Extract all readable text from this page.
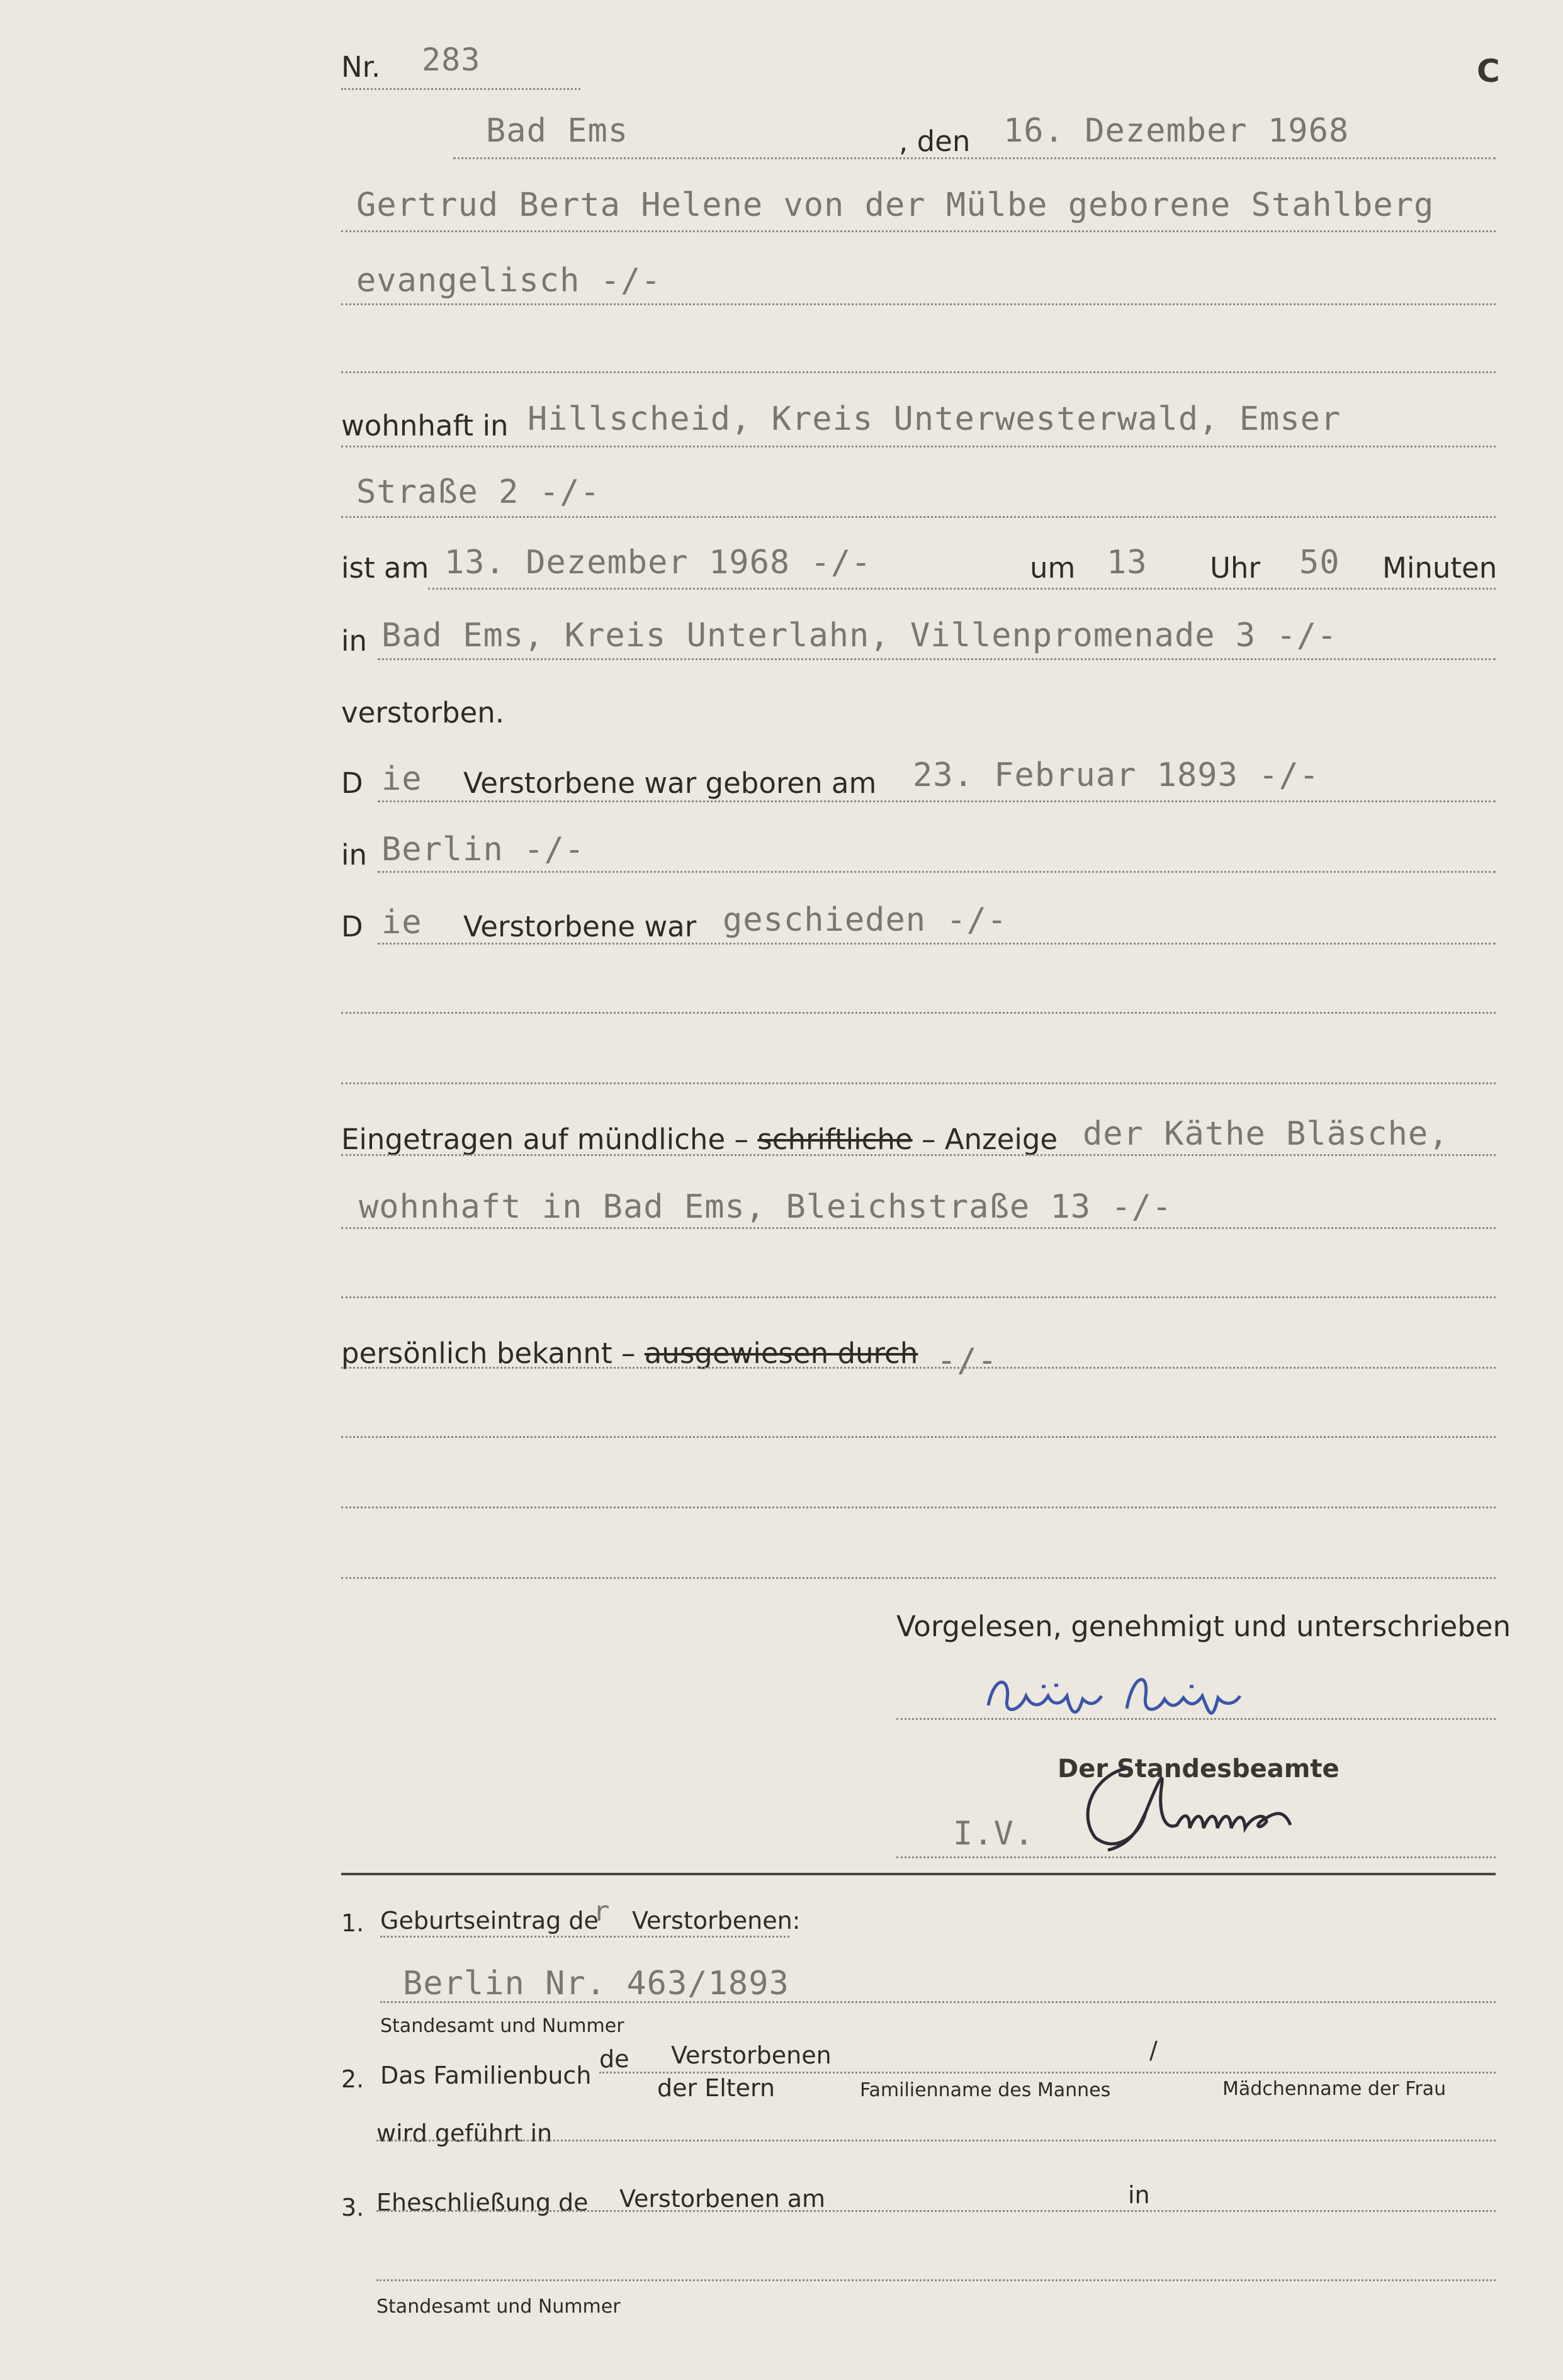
Nr. 283	C
Bad Ems	, den 16. Dezember 1968
Gertrud Berta Helene von der Mülbe geborene Stahlberg
evangelisch -/-
wohnhaft in Hillscheid, Kreis Unterwesterwald, Emser
Straße 2 -/-
ist am 13. Dezember 1968 -/-	um 13 Uhr 50 Minuten
in Bad Ems, Kreis Unterlahn, Villenpromenade 3 -/-
verstorben.
D ie Verstorbene war geboren am 23. Februar 1893 -/-
in Berlin -/-
D ie Verstorbene war geschieden -/-
Eingetragen auf mündliche – schriftliche – Anzeige der Käthe Bläsche,
wohnhaft in Bad Ems, Bleichstraße 13 -/-
persönlich bekannt – ausgewiesen durch -/-
Vorgelesen, genehmigt und unterschrieben
Der Standesbeamte
I.V.
1. Geburtseintrag de
r Verstorbenen:
Berlin Nr. 463/1893
Standesamt und Nummer
2. Das Familienbuch
de Verstorbenen
der Eltern
/
Familienname des Mannes	Mädchenname der Frau
wird geführt in
3. Eheschließung de Verstorbenen am	in
Standesamt und Nummer
